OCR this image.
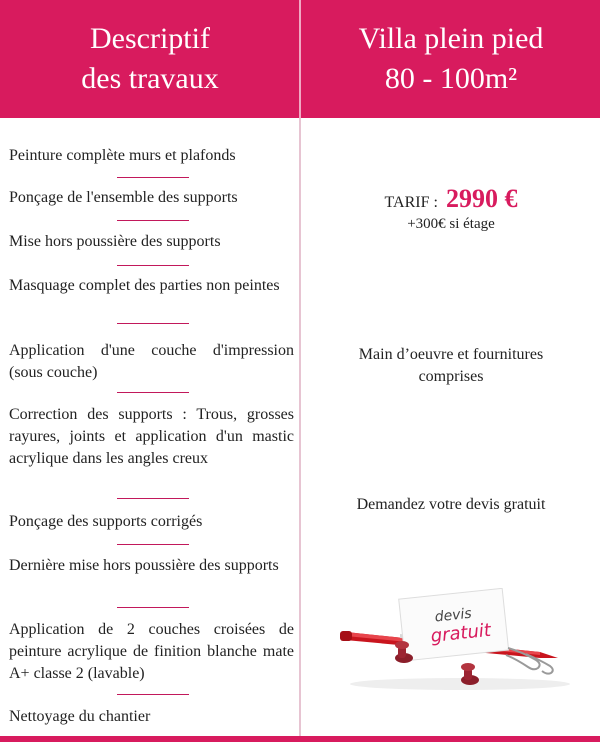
Descriptif
des travaux
Villa plein pied
80 - 100m²
Peinture complète murs et plafonds
Ponçage de l'ensemble des supports
Mise hors poussière des supports
Masquage complet des parties non peintes
Application d'une couche d'impression (sous couche)
Correction des supports : Trous, grosses rayures, joints et application d'un mastic acrylique dans les angles creux
Ponçage des supports corrigés
Dernière mise hors poussière des supports
Application de 2 couches croisées de peinture acrylique de finition blanche mate A+ classe 2 (lavable)
Nettoyage du chantier
TARIF : 2990 €
+300€ si étage
Main d’oeuvre et fournitures
comprises
Demandez votre devis gratuit
devis
gratuit
